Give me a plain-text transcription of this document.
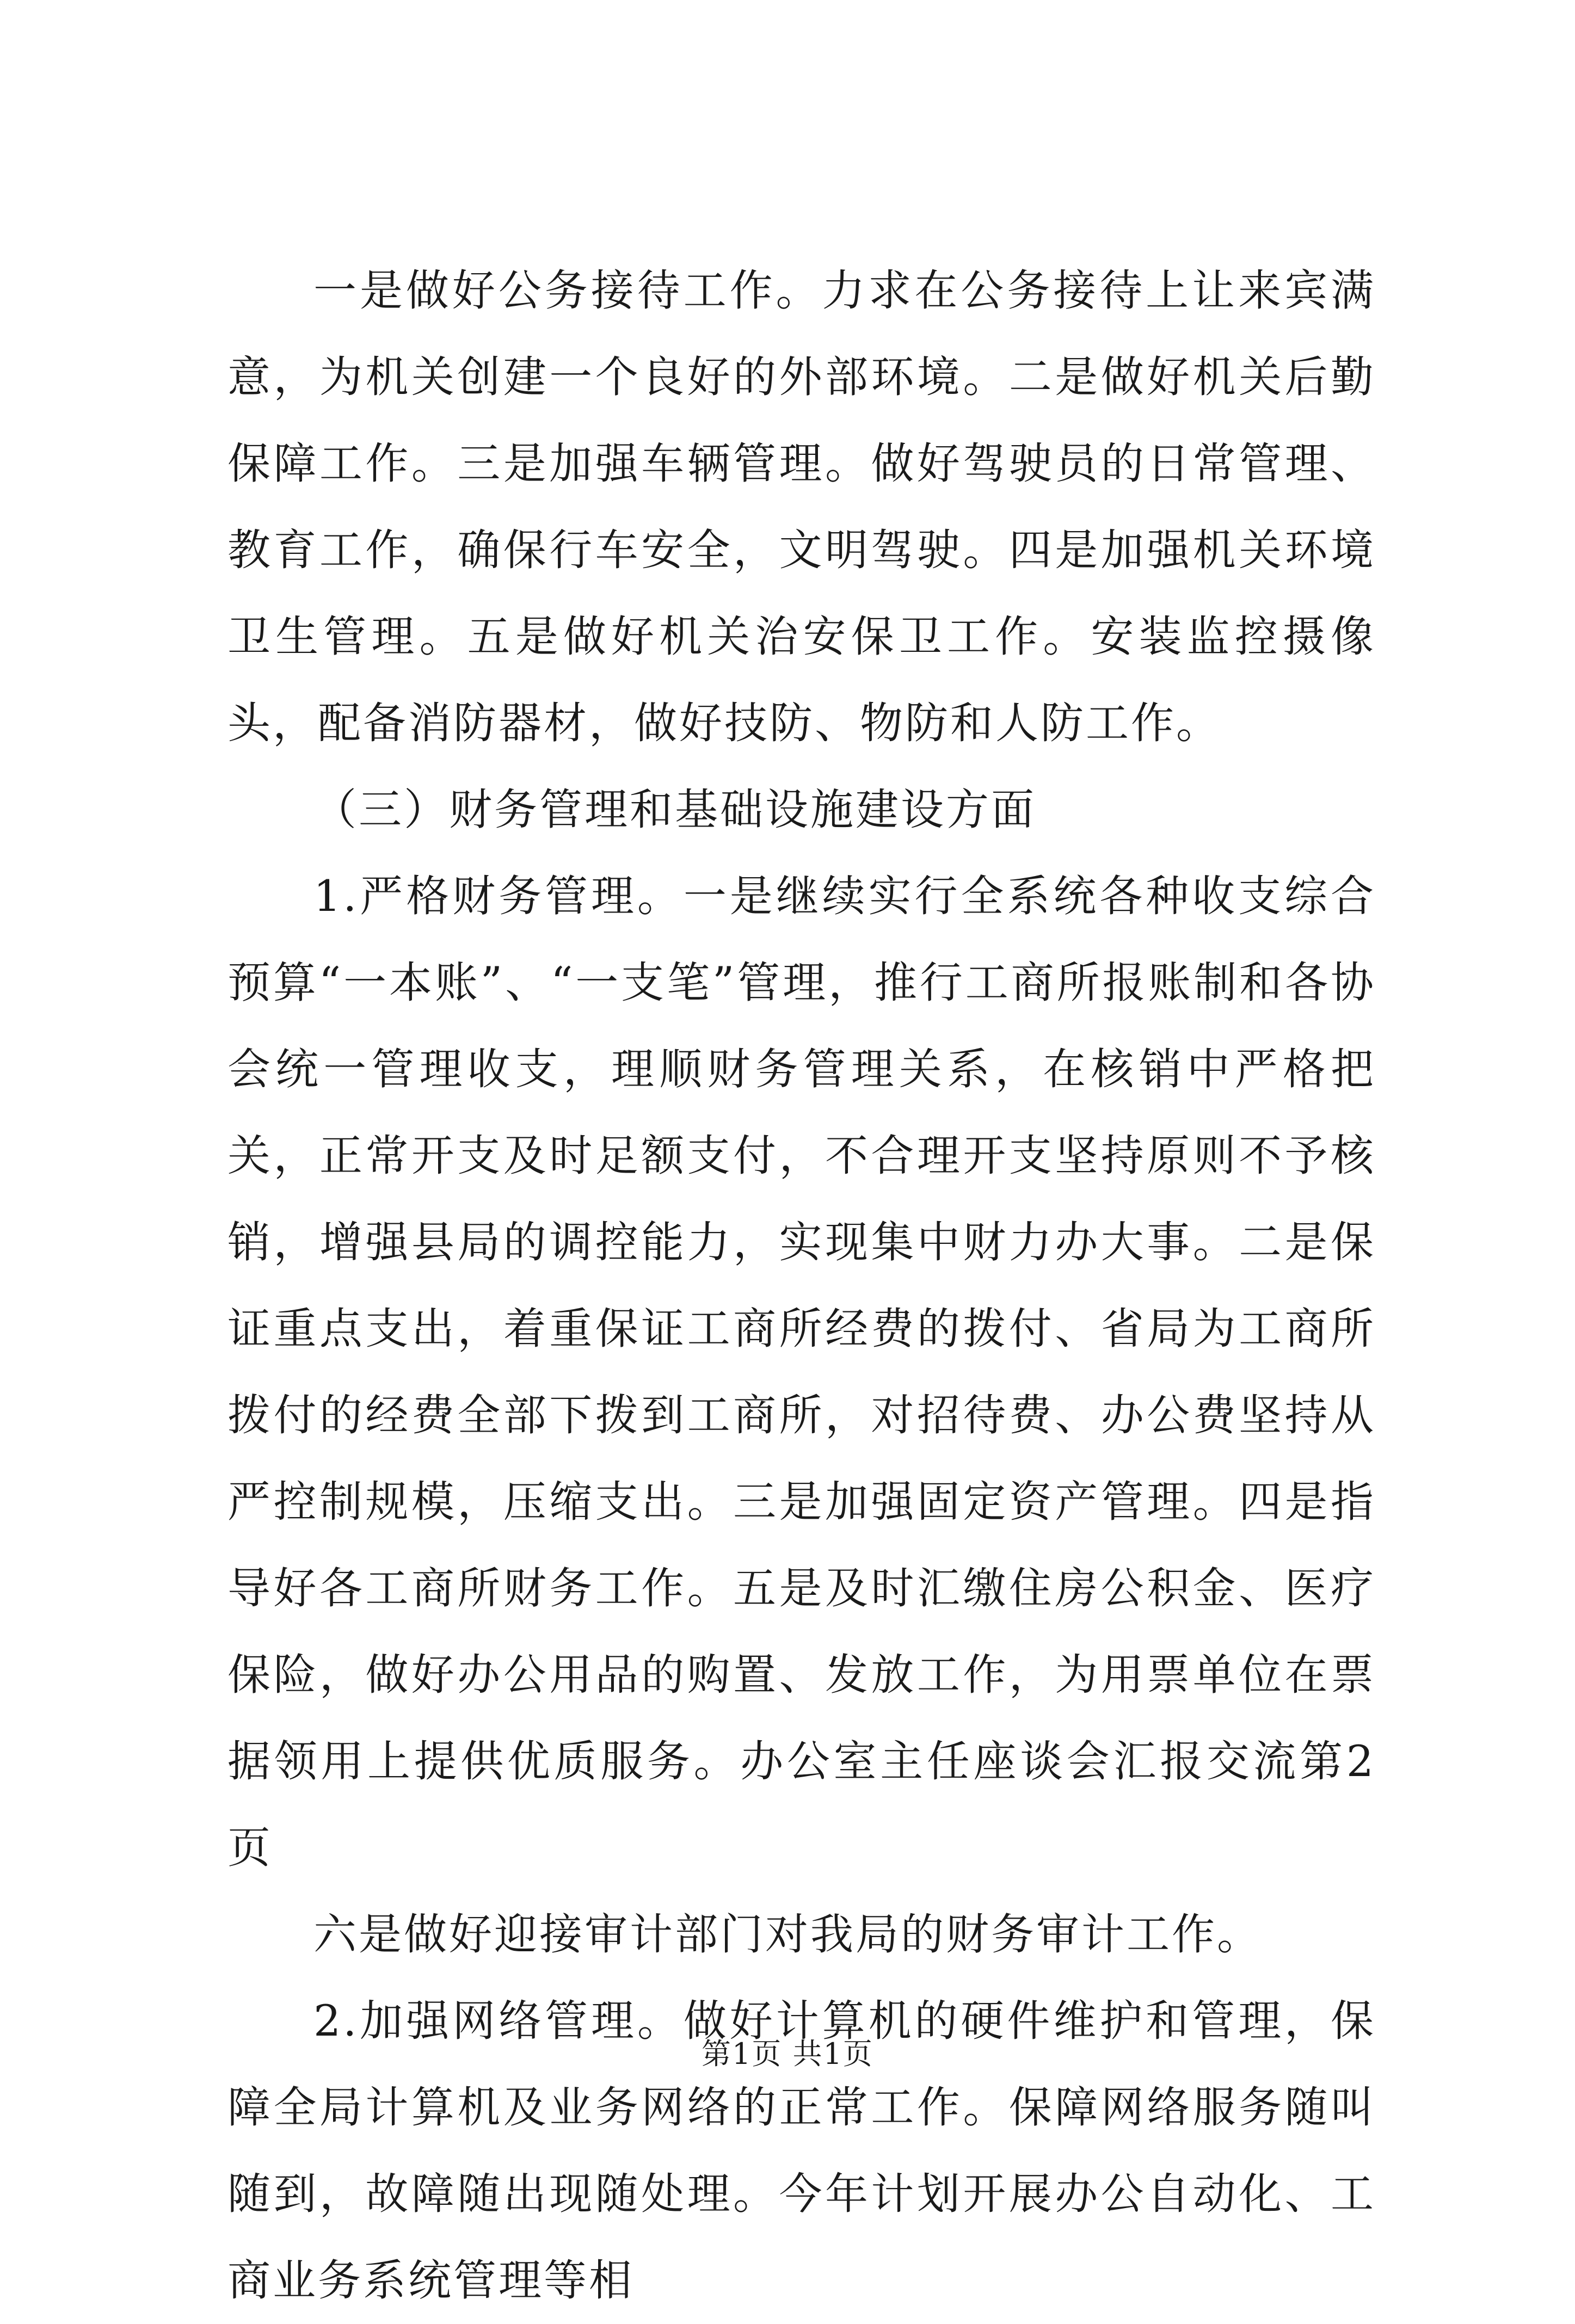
一是做好公务接待工作。力求在公务接待上让来宾满意，为机关创建一个良好的外部环境。二是做好机关后勤保障工作。三是加强车辆管理。做好驾驶员的日常管理、教育工作，确保行车安全，文明驾驶。四是加强机关环境卫生管理。五是做好机关治安保卫工作。安装监控摄像头，配备消防器材，做好技防、物防和人防工作。

（三）财务管理和基础设施建设方面

1.严格财务管理。一是继续实行全系统各种收支综合预算“一本账”、“一支笔”管理，推行工商所报账制和各协会统一管理收支，理顺财务管理关系，在核销中严格把关，正常开支及时足额支付，不合理开支坚持原则不予核销，增强县局的调控能力，实现集中财力办大事。二是保证重点支出，着重保证工商所经费的拨付、省局为工商所拨付的经费全部下拨到工商所，对招待费、办公费坚持从严控制规模，压缩支出。三是加强固定资产管理。四是指导好各工商所财务工作。五是及时汇缴住房公积金、医疗保险，做好办公用品的购置、发放工作，为用票单位在票据领用上提供优质服务。办公室主任座谈会汇报交流第2页

六是做好迎接审计部门对我局的财务审计工作。

2.加强网络管理。做好计算机的硬件维护和管理，保障全局计算机及业务网络的正常工作。保障网络服务随叫随到，故障随出现随处理。今年计划开展办公自动化、工商业务系统管理等相

第1页 共1页
